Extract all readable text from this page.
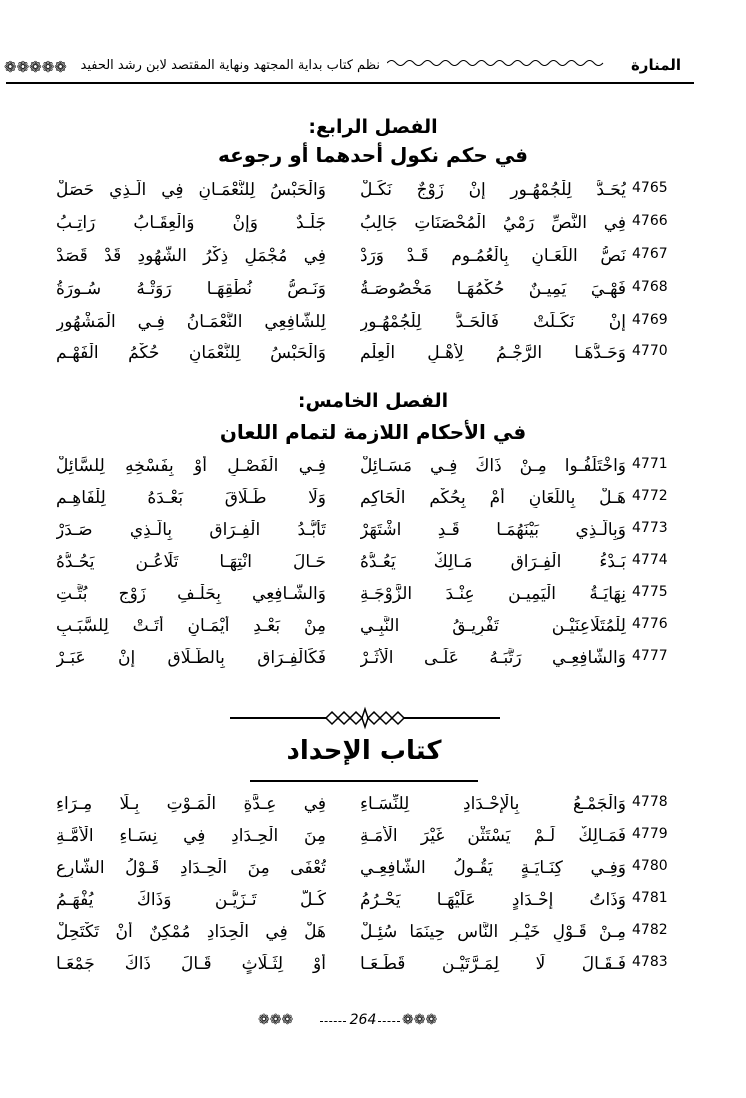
❁❁❁❁❁ نظم كتاب بداية المجتهد ونهاية المقتصد لابن رشد الحفيد	المنارة
الفصل الرابع:
في حكم نكول أحدهما أو رجوعه
4765
يُحَـدُّ لِلْجُمْهُـورِ إِنْ زَوْجٌ نَكَـلْ
وَالْحَبْسُ لِلنُّعْمَـانِ فِي الَّـذِي حَصَلْ
4766
فِي النَّصِّ رَمْيُ الْمُحْصَنَاتِ جَالِبُ
جَلْـدٌ وَإِنْ وَالْعِقَـابُ رَاتِـبُ
4767
نَصُّ اللِّعَـانِ بِالْعُمُـومِ قَـدْ وَرَدْ
فِي مُجْمَلٍ ذِكْرُ الشُّهُودِ قَدْ قَصَدْ
4768
فَهْـيَ يَمِيـنٌ حُكْمُهَـا مَخْصُوصَـةُ
وَنَـصُّ نُطْقِهَـا رَوَتْـهُ سُـورَةُ
4769
إِنْ نَكَـلَتْ فَالْحَـدُّ لِلْجُمْهُـورِ
لِلشَّافِعِي النُّعْمَـانُ فِـي الْمَشْهُورِ
4770
وَحَـدُّهَـا الرَّجْـمُ لِأَهْـلِ الْعِلْمِ
وَالْحَبْسُ لِلنُّعْمَانِ حُكْمُ الْفَهْـمِ
الفصل الخامس:
في الأحكام اللازمة لتمام اللعان
4771
وَاخْتَلَفُـوا مِـنْ ذَاكَ فِـي مَسَـائِلْ
فِـي الْفَصْـلِ أَوْ بِفَسْخِهِ لِلسَّائِلْ
4772
هَـلْ بِاللِّعَانِ أَمْ بِحُكْمِ الْحَاكِمِ
وَلَا طَـلَاقَ بَعْـدَهُ لِلْفَاهِـمِ
4773
وَبِالَّـذِي بَيْنَهُمَـا قَـدِ اشْتَهَرْ
تَأَبُّـدُ الْفِـرَاقِ بِالَّـذِي صَـدَرْ
4774
بَـدْءُ الْفِـرَاقِ مَـالِكٌ يَعُـدُّهُ
حَـالَ انْتِهَـا تَلَاعُـنٍ يَحُـدُّهُ
4775
نِهَايَـةُ الْيَمِيـنِ عِنْـدَ الزَّوْجَـةِ
وَالشَّـافِعِي بِحَلْـفِ زَوْجٍ بُتَّـتِ
4776
لِلْمُتَلَاعِنَيْـنِ تَفْرِيـقُ النَّبِـي
مِنْ بَعْـدِ أَيْمَـانٍ أَتَـتْ لِلسَّبَـبِ
4777
وَالشَّافِعِـي رَتَّبَـهُ عَلَـى الْأَثَـرْ
فَكَالْفِـرَاقِ بِالطَّـلَاقِ إِنْ عَبَـرْ
كتاب الإحداد
4778
وَالْجَمْـعُ بِالْإِحْـدَادِ لِلنِّسَـاءِ
فِي عِـدَّةِ الْمَـوْتِ بِـلَا مِـرَاءِ
4779
فَمَـالِكٌ لَـمْ يَسْتَثْنِ غَيْرَ الْأَمَـةِ
مِنَ الْحِـدَادِ فِي نِسَـاءِ الْأُمَّـةِ
4780
وَفِـي كِنَـايَـةٍ يَقُـولُ الشَّافِعِـي
تُعْفَى مِنَ الْحِـدَادِ قَـوْلُ الشَّارِعِ
4781
وَذَاتُ إِحْـدَادٍ عَلَيْهَـا يَحْـرُمُ
كُـلُّ تَـزَيُّـنٍ وَذَاكَ يُفْهَـمُ
4782
مِـنْ قَـوْلِ خَيْـرِ النَّاسِ حِينَمَا سُئِـلْ
هَلْ فِي الْحِدَادِ مُمْكِنٌ أَنْ تَكْتَحِلْ
4783
فَـقَـالَ لَا لِمَـرَّتَيْـنِ قَطَـعَـا
أَوْ لِثَـلَاثٍ قَـالَ ذَاكَ جَمْعَـا
❁❁❁	264 ❁❁❁
